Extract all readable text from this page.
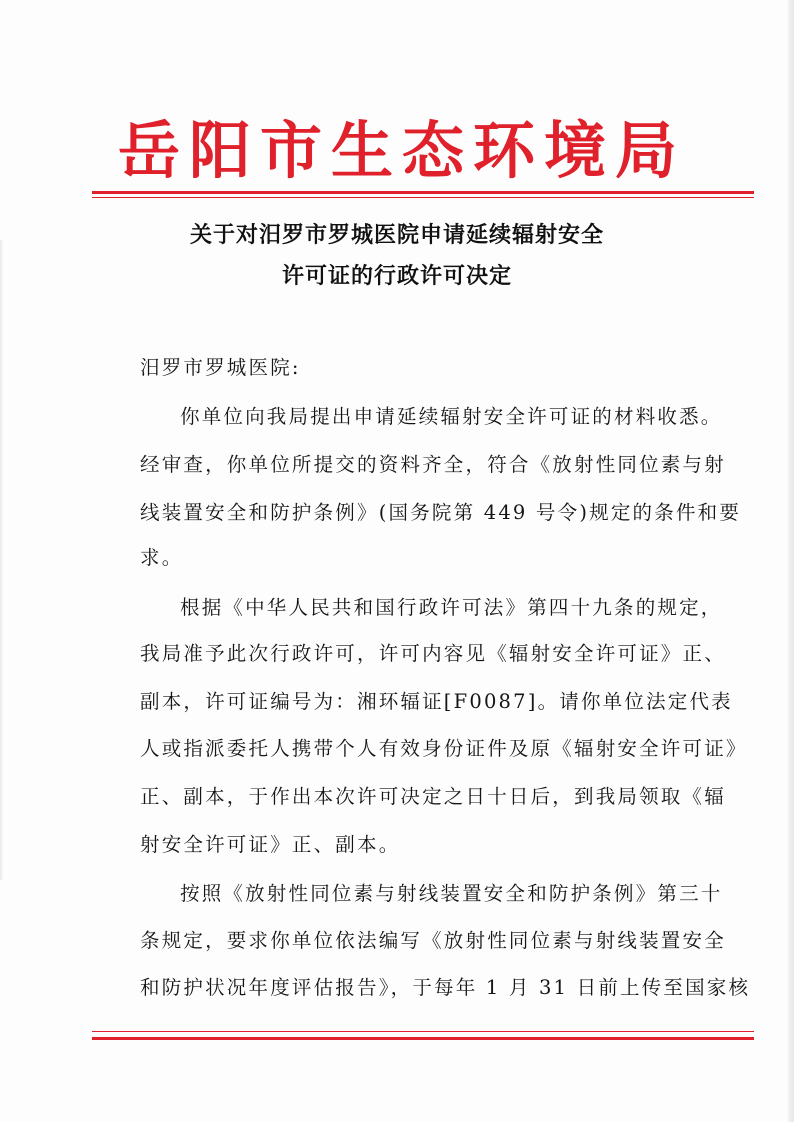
岳阳市生态环境局
关于对汨罗市罗城医院申请延续辐射安全
许可证的行政许可决定
汨罗市罗城医院:
你单位向我局提出申请延续辐射安全许可证的材料收悉。
经审查，你单位所提交的资料齐全，符合《放射性同位素与射
线装置安全和防护条例》(国务院第 449 号令)规定的条件和要
求。
根据《中华人民共和国行政许可法》第四十九条的规定，
我局准予此次行政许可，许可内容见《辐射安全许可证》正、
副本，许可证编号为：湘环辐证[F0087]。请你单位法定代表
人或指派委托人携带个人有效身份证件及原《辐射安全许可证》
正、副本，于作出本次许可决定之日十日后，到我局领取《辐
射安全许可证》正、副本。
按照《放射性同位素与射线装置安全和防护条例》第三十
条规定，要求你单位依法编写《放射性同位素与射线装置安全
和防护状况年度评估报告》，于每年 1 月 31 日前上传至国家核
